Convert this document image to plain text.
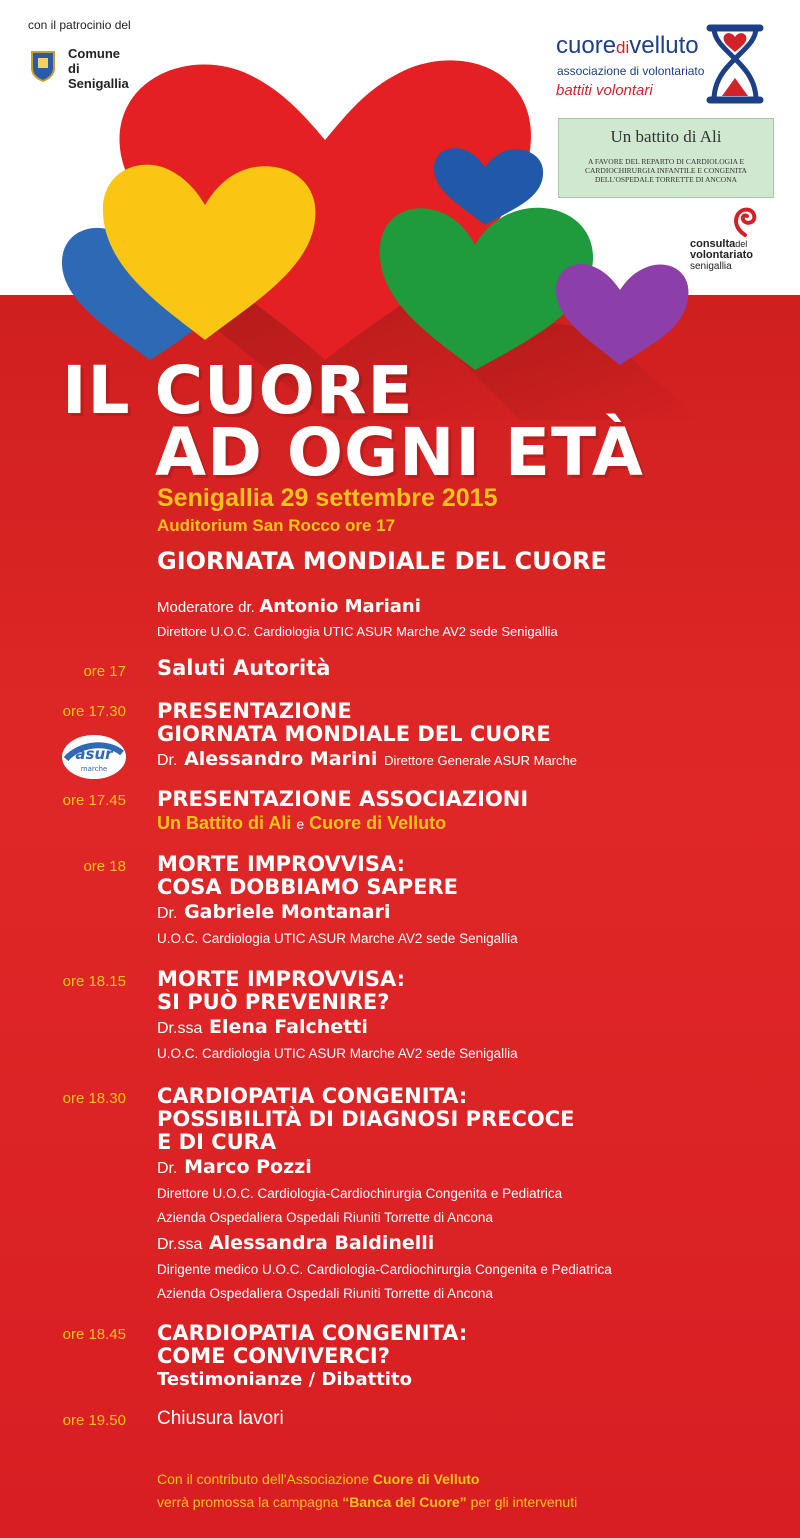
con il patrocinio del
Comune di
Senigallia
cuoredivelluto
associazione di volontariato
battiti volontari
Un battito di Ali
A FAVORE DEL REPARTO DI CARDIOLOGIA E CARDIOCHIRURGIA INFANTILE E CONGENITA DELL'OSPEDALE TORRETTE DI ANCONA
consultadel
volontariato
senigallia
IL CUORE
AD OGNI ETÀ
Senigallia 29 settembre 2015
Auditorium San Rocco ore 17
GIORNATA MONDIALE DEL CUORE
Moderatore dr. Antonio Mariani
Direttore U.O.C. Cardiologia UTIC ASUR Marche AV2 sede Senigallia
ore 17 Saluti Autorità
ore 17.30 PRESENTAZIONE
GIORNATA MONDIALE DEL CUORE
Dr. Alessandro Marini Direttore Generale ASUR Marche
asur
marche
ore 17.45 PRESENTAZIONE ASSOCIAZIONI
Un Battito di Ali e Cuore di Velluto
ore 18 MORTE IMPROVVISA:
COSA DOBBIAMO SAPERE
Dr. Gabriele Montanari
U.O.C. Cardiologia UTIC ASUR Marche AV2 sede Senigallia
ore 18.15 MORTE IMPROVVISA:
SI PUÒ PREVENIRE?
Dr.ssa Elena Falchetti
U.O.C. Cardiologia UTIC ASUR Marche AV2 sede Senigallia
ore 18.30 CARDIOPATIA CONGENITA:
POSSIBILITÀ DI DIAGNOSI PRECOCE
E DI CURA
Dr. Marco Pozzi
Direttore U.O.C. Cardiologia-Cardiochirurgia Congenita e Pediatrica
Azienda Ospedaliera Ospedali Riuniti Torrette di Ancona
Dr.ssa Alessandra Baldinelli
Dirigente medico U.O.C. Cardiologia-Cardiochirurgia Congenita e Pediatrica
Azienda Ospedaliera Ospedali Riuniti Torrette di Ancona
ore 18.45 CARDIOPATIA CONGENITA:
COME CONVIVERCI?
Testimonianze / Dibattito
ore 19.50 Chiusura lavori
Con il contributo dell'Associazione Cuore di Velluto
verrà promossa la campagna “Banca del Cuore” per gli intervenuti
